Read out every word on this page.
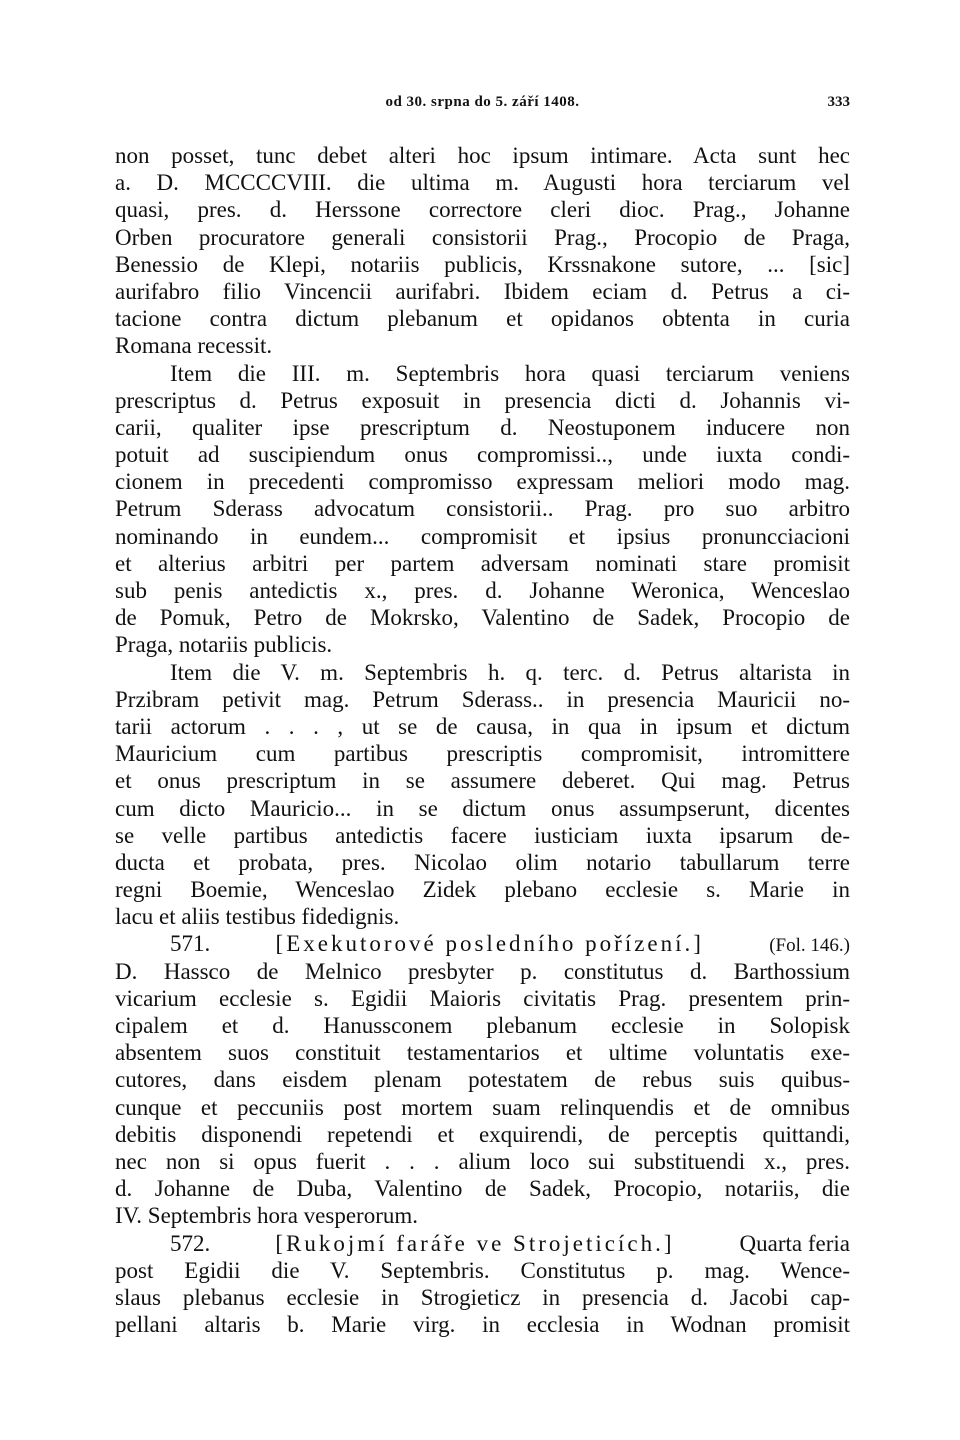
od 30. srpna do 5. září 1408.	333
non posset, tunc debet alteri hoc ipsum intimare. Acta sunt hec
a. D. MCCCCVIII. die ultima m. Augusti hora terciarum vel
quasi, pres. d. Herssone correctore cleri dioc. Prag., Johanne
Orben procuratore generali consistorii Prag., Procopio de Praga,
Benessio de Klepi, notariis publicis, Krssnakone sutore, ... [sic]
aurifabro filio Vincencii aurifabri. Ibidem eciam d. Petrus a ci-
tacione contra dictum plebanum et opidanos obtenta in curia
Romana recessit.
Item die III. m. Septembris hora quasi terciarum veniens
prescriptus d. Petrus exposuit in presencia dicti d. Johannis vi-
carii, qualiter ipse prescriptum d. Neostuponem inducere non
potuit ad suscipiendum onus compromissi.., unde iuxta condi-
cionem in precedenti compromisso expressam meliori modo mag.
Petrum Sderass advocatum consistorii.. Prag. pro suo arbitro
nominando in eundem... compromisit et ipsius pronuncciacioni
et alterius arbitri per partem adversam nominati stare promisit
sub penis antedictis x., pres. d. Johanne Weronica, Wenceslao
de Pomuk, Petro de Mokrsko, Valentino de Sadek, Procopio de
Praga, notariis publicis.
Item die V. m. Septembris h. q. terc. d. Petrus altarista in
Przibram petivit mag. Petrum Sderass.. in presencia Mauricii no-
tarii actorum . . . , ut se de causa, in qua in ipsum et dictum
Mauricium cum partibus prescriptis compromisit, intromittere
et onus prescriptum in se assumere deberet. Qui mag. Petrus
cum dicto Mauricio... in se dictum onus assumpserunt, dicentes
se velle partibus antedictis facere iusticiam iuxta ipsarum de-
ducta et probata, pres. Nicolao olim notario tabullarum terre
regni Boemie, Wenceslao Zidek plebano ecclesie s. Marie in
lacu et aliis testibus fidedignis.
571.	[Exekutorové posledního pořízení.]	(Fol. 146.)
D. Hassco de Melnico presbyter p. constitutus d. Barthossium
vicarium ecclesie s. Egidii Maioris civitatis Prag. presentem prin-
cipalem et d. Hanussconem plebanum ecclesie in Solopisk
absentem suos constituit testamentarios et ultime voluntatis exe-
cutores, dans eisdem plenam potestatem de rebus suis quibus-
cunque et peccuniis post mortem suam relinquendis et de omnibus
debitis disponendi repetendi et exquirendi, de perceptis quittandi,
nec non si opus fuerit . . . alium loco sui substituendi x., pres.
d. Johanne de Duba, Valentino de Sadek, Procopio, notariis, die
IV. Septembris hora vesperorum.
572.	[Rukojmí faráře ve Strojeticích.]	Quarta feria
post Egidii die V. Septembris. Constitutus p. mag. Wence-
slaus plebanus ecclesie in Strogieticz in presencia d. Jacobi cap-
pellani altaris b. Marie virg. in ecclesia in Wodnan promisit
